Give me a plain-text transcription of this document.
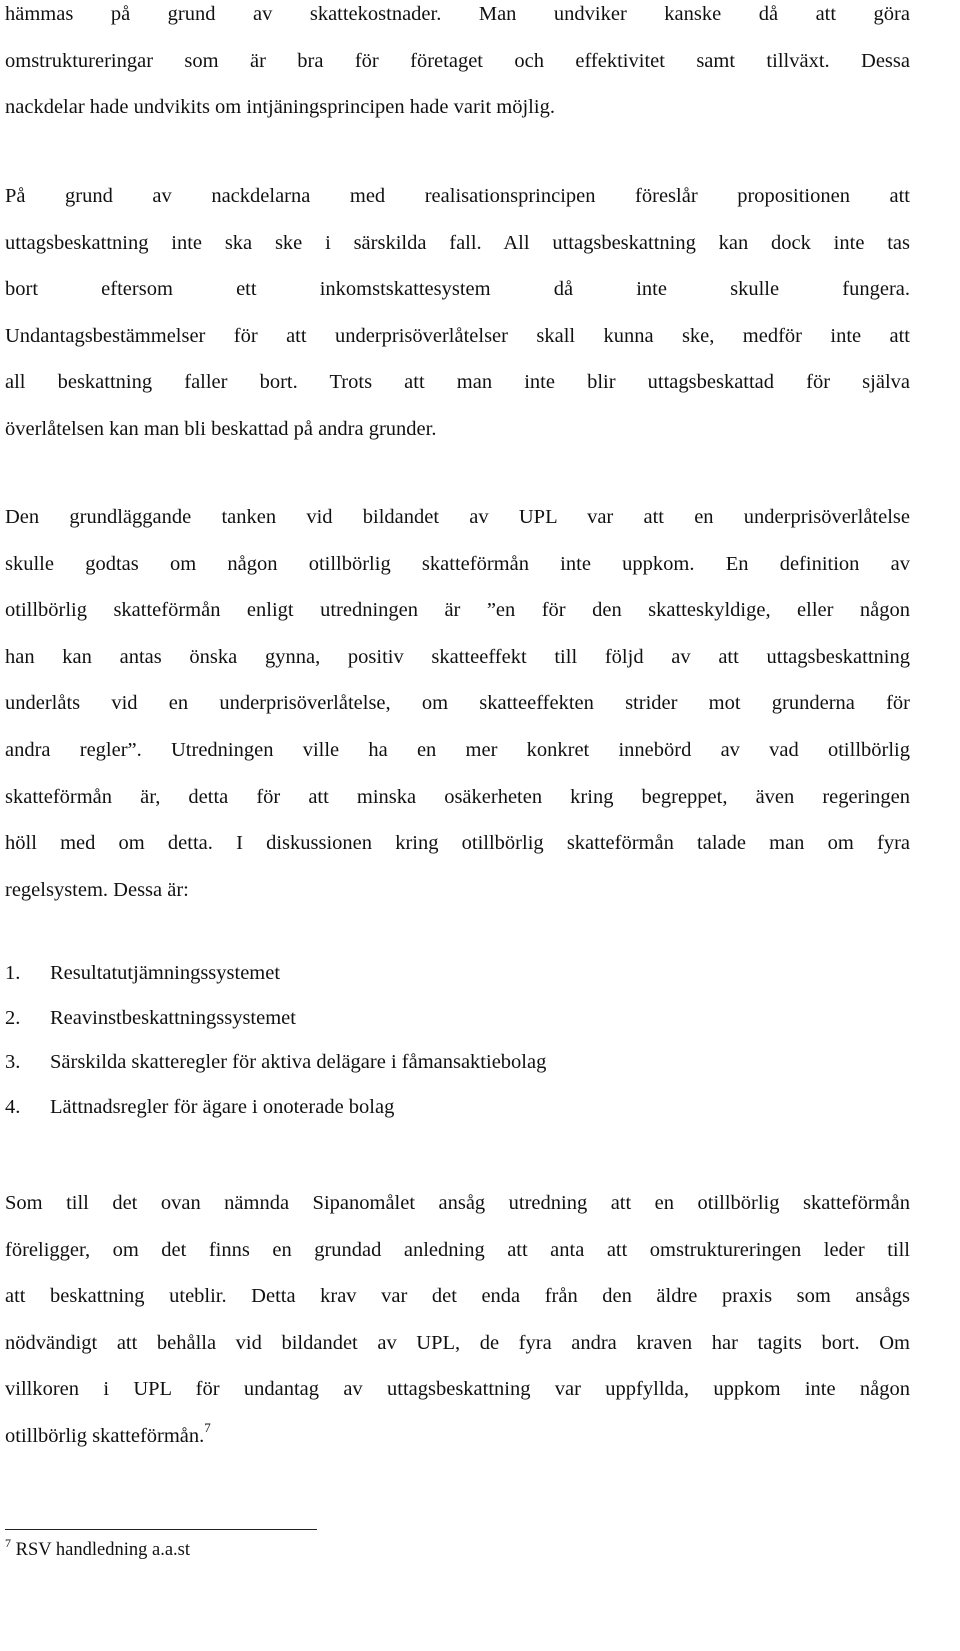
hämmas på grund av skattekostnader. Man undviker kanske då att göra
omstruktureringar som är bra för företaget och effektivitet samt tillväxt. Dessa
nackdelar hade undvikits om intjäningsprincipen hade varit möjlig.

På grund av nackdelarna med realisationsprincipen föreslår propositionen att
uttagsbeskattning inte ska ske i särskilda fall. All uttagsbeskattning kan dock inte tas
bort eftersom ett inkomstskattesystem då inte skulle fungera.
Undantagsbestämmelser för att underprisöverlåtelser skall kunna ske, medför inte att
all beskattning faller bort. Trots att man inte blir uttagsbeskattad för själva
överlåtelsen kan man bli beskattad på andra grunder.

Den grundläggande tanken vid bildandet av UPL var att en underprisöverlåtelse
skulle godtas om någon otillbörlig skatteförmån inte uppkom. En definition av
otillbörlig skatteförmån enligt utredningen är ”en för den skatteskyldige, eller någon
han kan antas önska gynna, positiv skatteeffekt till följd av att uttagsbeskattning
underlåts vid en underprisöverlåtelse, om skatteeffekten strider mot grunderna för
andra regler”. Utredningen ville ha en mer konkret innebörd av vad otillbörlig
skatteförmån är, detta för att minska osäkerheten kring begreppet, även regeringen
höll med om detta. I diskussionen kring otillbörlig skatteförmån talade man om fyra
regelsystem. Dessa är:

1. Resultatutjämningssystemet
2. Reavinstbeskattningssystemet
3. Särskilda skatteregler för aktiva delägare i fåmansaktiebolag
4. Lättnadsregler för ägare i onoterade bolag

Som till det ovan nämnda Sipanomålet ansåg utredning att en otillbörlig skatteförmån
föreligger, om det finns en grundad anledning att anta att omstruktureringen leder till
att beskattning uteblir. Detta krav var det enda från den äldre praxis som ansågs
nödvändigt att behålla vid bildandet av UPL, de fyra andra kraven har tagits bort. Om
villkoren i UPL för undantag av uttagsbeskattning var uppfyllda, uppkom inte någon
otillbörlig skatteförmån.$^7$

$^7$ RSV handledning a.a.st
